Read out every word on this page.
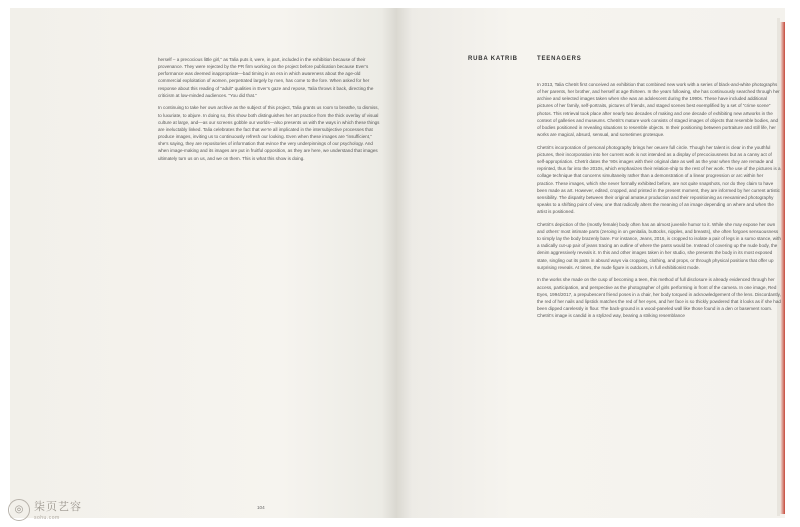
herself – a precocious little girl,” as Talia puts it, were, in part, included in the exhibition because of their provenance. They were rejected by the PR firm working on the project before publication because Ever’s performance was deemed inappropriate—bad timing in an era in which awareness about the age-old commercial exploitation of women, perpetrated largely by men, has come to the fore. When asked for her response about this reading of “adult” qualities in Ever’s gaze and repose, Talia throws it back, directing the criticism at low-minded audiences. “You did that.”

In continuing to take her own archive as the subject of this project, Talia grants us room to breathe, to dismiss, to luxuriate, to abjure. In doing so, this show both distinguishes her art practice from the thick overlay of visual culture at large, and—as our screens gobble our worlds—also presents us with the ways in which these things are ineluctably linked. Talia celebrates the fact that we’re all implicated in the intersubjective processes that produce images, inviting us to continuously refresh our looking. Even when these images are “insufficient,” she’s saying, they are repositories of information that evince the very underpinnings of our psychology. And when image-making and its images are put in fruitful opposition, as they are here, we understand that images ultimately turn us on us, and we on them. This is what this show is doing.

104
RUBA KATRIB	TEENAGERS

In 2013, Talia Chetrit first conceived an exhibition that combined new work with a series of black-and-white photographs of her parents, her brother, and herself at age thirteen. In the years following, she has continuously searched through her archive and selected images taken when she was an adolescent during the 1990s. These have included additional pictures of her family, self-portraits, pictures of friends, and staged scenes best exemplified by a set of “crime scene” photos. This retrieval took place after nearly two decades of making and one decade of exhibiting new artworks in the context of galleries and museums. Chetrit’s mature work consists of staged images of objects that resemble bodies, and of bodies positioned in revealing situations to resemble objects. In their positioning between portraiture and still life, her works are magical, absurd, sensual, and sometimes grotesque.

Chetrit’s incorporation of personal photography brings her oeuvre full circle. Though her talent is clear in the youthful pictures, their incorporation into her current work is not intended as a display of precociousness but as a canny act of self-appropriation. Chetrit dates the ’90s images with their original date as well as the year when they are remade and reprinted, thus far into the 2010s, which emphasizes their relation-ship to the rest of her work. The use of the pictures is a collage technique that concerns simultaneity rather than a demonstration of a linear progression or arc within her practice. These images, which she never formally exhibited before, are not quite snapshots, nor do they claim to have been made as art. However, edited, cropped, and printed in the present moment, they are informed by her current artistic sensibility. The disparity between their original amateur production and their repositioning as reexamined photography speaks to a shifting point of view, one that radically alters the meaning of an image depending on where and when the artist is positioned.

Chetrit’s depiction of the (mostly female) body often has an almost juvenile humor to it. While she may expose her own and others’ most intimate parts (zeroing in on genitalia, buttocks, nipples, and breasts), she often forgoes sensuousness to simply lay the body brazenly bare. For instance, Jeans, 2016, is cropped to isolate a pair of legs in a sumo stance, with a radically cut-up pair of jeans tracing an outline of where the pants would be. Instead of covering up the nude body, the denim aggressively reveals it. In this and other images taken in her studio, she presents the body in its most exposed state, singling out its parts in absurd ways via cropping, clothing, and props, or through physical positions that offer up surprising reveals. At times, the nude figure is outdoors, in full exhibitionist mode.

In the works she made on the cusp of becoming a teen, this method of full disclosure is already evidenced through her access, participation, and perspective as the photographer of girls performing in front of the camera. In one image, Red Eyes, 1994/2017, a prepubescent friend poses in a chair, her body torqued in acknowledgement of the lens. Discordantly, the red of her nails and lipstick matches the red of her eyes, and her face is so thickly powdered that it looks as if she had been dipped carelessly in flour. The back-ground is a wood-paneled wall like those found in a den or basement room. Chetrit’s image is candid in a stylized way, bearing a striking resemblance

◎ 柒页艺容
sohu.com
